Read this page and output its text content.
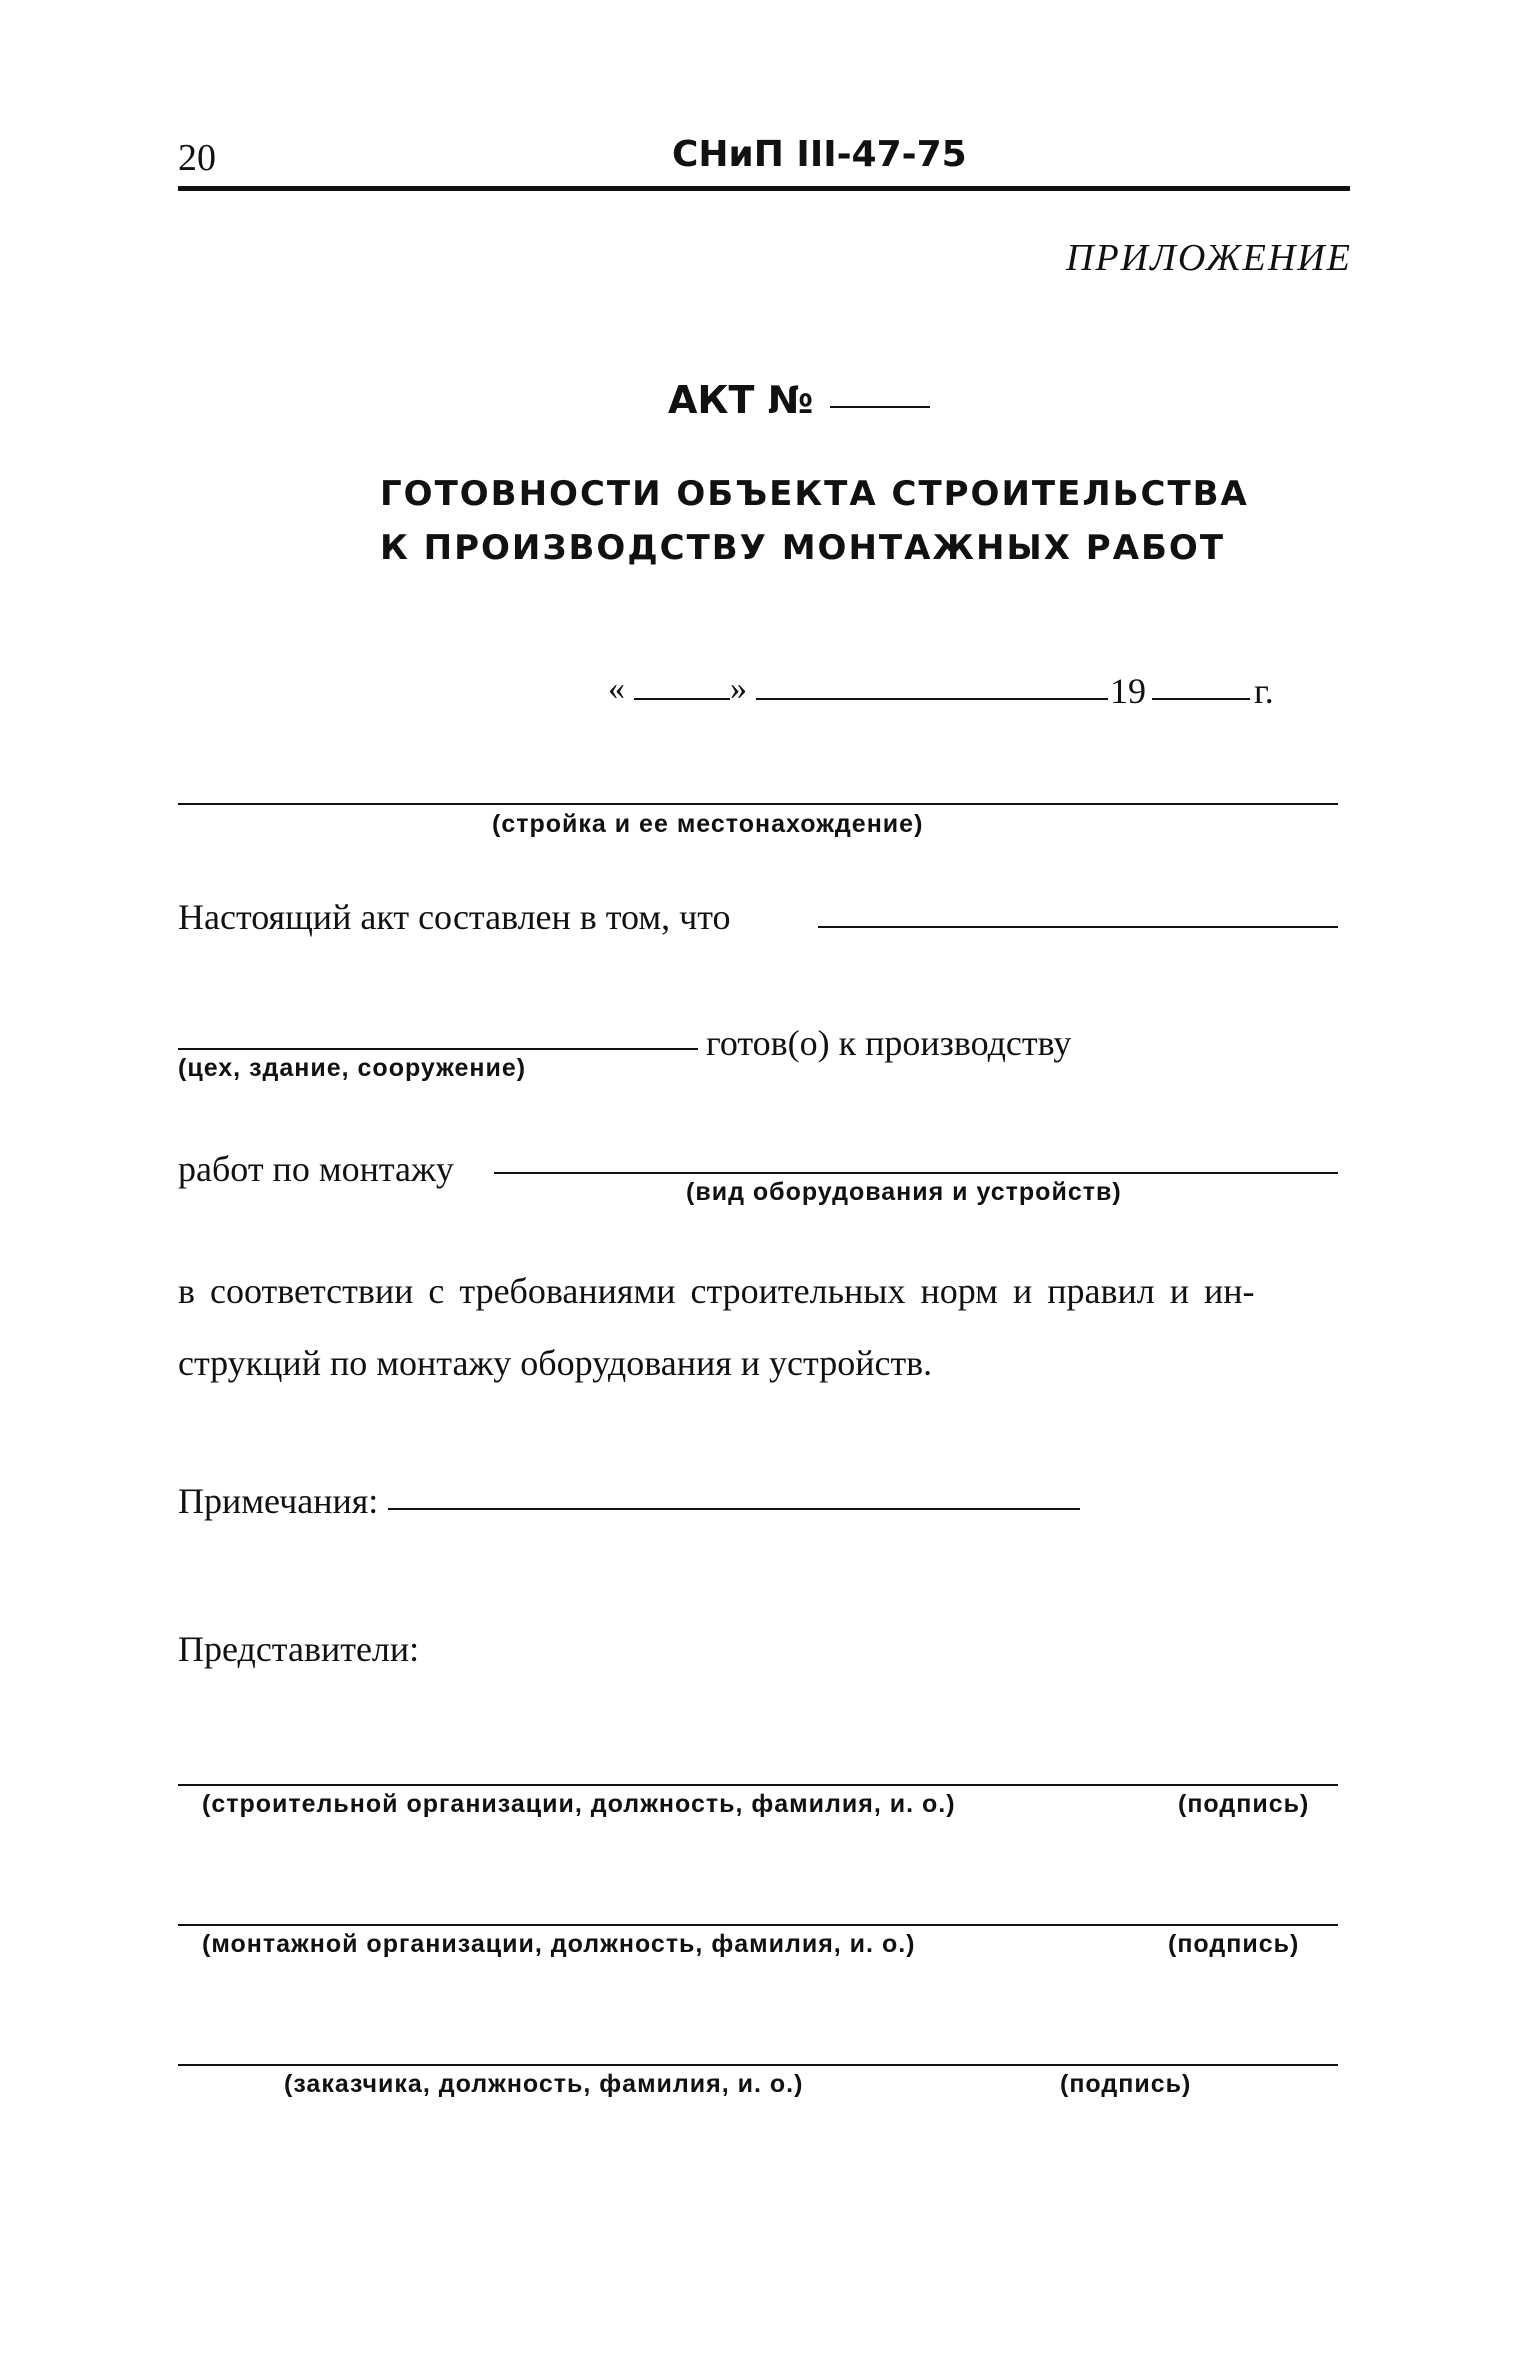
20	СНиП III-47-75
ПРИЛОЖЕНИЕ
АКТ №
ГОТОВНОСТИ ОБЪЕКТА СТРОИТЕЛЬСТВА
К ПРОИЗВОДСТВУ МОНТАЖНЫХ РАБОТ
«	»	19	г.
(стройка и ее местонахождение)
Настоящий акт составлен в том, что
(цех, здание, сооружение)
готов(о) к производству
работ по монтажу
(вид оборудования и устройств)
в соответствии с требованиями строительных норм и правил и ин-
струкций по монтажу оборудования и устройств.
Примечания:
Представители:
(строительной организации, должность, фамилия, и. о.)	(подпись)
(монтажной организации, должность, фамилия, и. о.)	(подпись)
(заказчика, должность, фамилия, и. о.)	(подпись)
